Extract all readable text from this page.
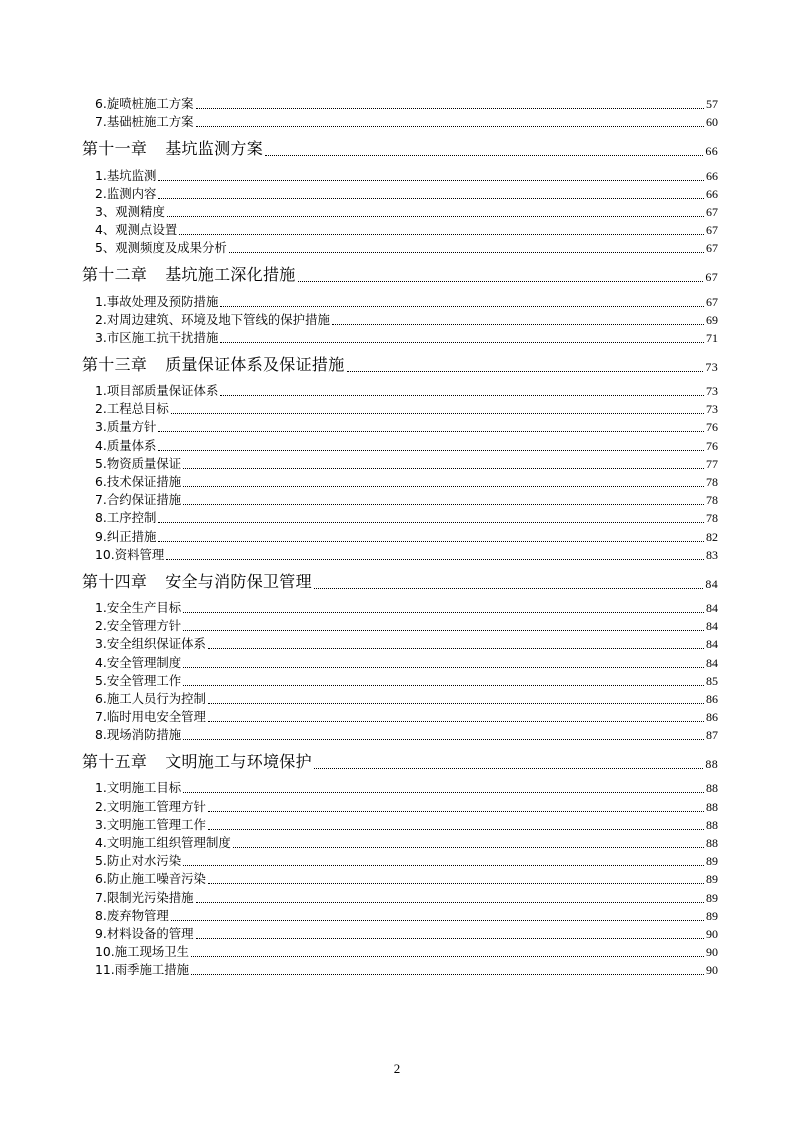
6.旋喷桩施工方案	57
7.基础桩施工方案	60
第十一章 基坑监测方案	66
1.基坑监测	66
2.监测内容	66
3、观测精度	67
4、观测点设置	67
5、观测频度及成果分析	67
第十二章 基坑施工深化措施	67
1.事故处理及预防措施	67
2.对周边建筑、环境及地下管线的保护措施	69
3.市区施工抗干扰措施	71
第十三章 质量保证体系及保证措施	73
1.项目部质量保证体系	73
2.工程总目标	73
3.质量方针	76
4.质量体系	76
5.物资质量保证	77
6.技术保证措施	78
7.合约保证措施	78
8.工序控制	78
9.纠正措施	82
10.资料管理	83
第十四章 安全与消防保卫管理	84
1.安全生产目标	84
2.安全管理方针	84
3.安全组织保证体系	84
4.安全管理制度	84
5.安全管理工作	85
6.施工人员行为控制	86
7.临时用电安全管理	86
8.现场消防措施	87
第十五章 文明施工与环境保护	88
1.文明施工目标	88
2.文明施工管理方针	88
3.文明施工管理工作	88
4.文明施工组织管理制度	88
5.防止对水污染	89
6.防止施工噪音污染	89
7.限制光污染措施	89
8.废弃物管理	89
9.材料设备的管理	90
10.施工现场卫生	90
11.雨季施工措施	90
2
